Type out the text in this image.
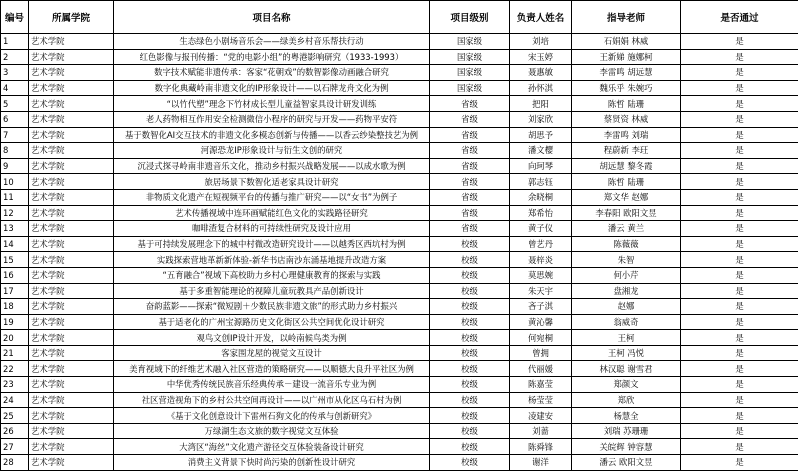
编号	所属学院	项目名称	项目级别	负责人姓名	指导老师	是否通过
1	艺术学院	生态绿色小剧场音乐会——绿美乡村音乐帮扶行动	国家级	刘培	石娟娟 林威	是
2	艺术学院	红色影像与报刊传播：“党的电影小组”的粤港影响研究（1933-1993）	国家级	宋玉婷	王新娣 施娜柯	是
3	艺术学院	数字技术赋能非遗传承：客家“花朝戏”的数智影像动画融合研究	国家级	聂惠敏	李雷鸣 胡远慧	是
4	艺术学院	数字化典藏岭南非遗文化的IP形象设计——以石牌龙舟文化为例	国家级	孙怀淇	魏乐乎 朱婉巧	是
5	艺术学院	“以竹代塑”理念下竹材成长型儿童益智家具设计研发训练	省级	把阳	陈哲 陆珊	是
6	艺术学院	老人药物相互作用安全检测微信小程序的研究与开发——药物平安符	省级	刘家欣	蔡贤资 林威	是
7	艺术学院	基于数智化AI交互技术的非遗文化多模态创新与传播——以香云纱染整技艺为例	省级	胡思予	李雷鸣 刘瑞	是
8	艺术学院	河源恐龙IP形象设计与衍生文创的研究	省级	潘文樱	程蔚新 李玨	是
9	艺术学院	沉浸式探寻岭南非遗音乐文化，推动乡村振兴战略发展——以成水歌为例	省级	向珂琴	胡远慧 黎冬霞	是
10	艺术学院	旅居场景下数智化适老家具设计研究	省级	郭志钰	陈哲 陆珊	是
11	艺术学院	非物质文化遗产在短视频平台的传播与推广研究——以“女书”为例子	省级	余晓桐	郑文华 赵娜	是
12	艺术学院	艺术传播视域中连环画赋能红色文化的实践路径研究	省级	郑希怡	李春阳 欧阳文昱	是
13	艺术学院	咖啡渣复合材料的可持续性研究及设计应用	省级	黄子仪	潘云 黄兰	是
14	艺术学院	基于可持续发展理念下的城中村微改造研究设计——以越秀区西坑村为例	校级	曾艺丹	陈薇薇	是
15	艺术学院	实践探索营地革新新体验-新华书店南沙东涌基地提升改造方案	校级	聂梓炎	朱智	是
16	艺术学院	“五育融合”视域下高校助力乡村心理健康教育的探索与实践	校级	莫思婉	何小芹	是
17	艺术学院	基于多重智能理论的视障儿童玩教具产品创新设计	校级	朱天宇	盘湘龙	是
18	艺术学院	奋韵蓝影——探索“微短剧＋少数民族非遗文旅”的形式助力乡村振兴	校级	吝子淇	赵娜	是
19	艺术学院	基于适老化的广州宝源路历史文化街区公共空间优化设计研究	校级	黄沁馨	翁威奇	是
20	艺术学院	观鸟文创IP设计开发，以岭南候鸟类为例	校级	何宛桐	王柯	是
21	艺术学院	客家围龙屋的视觉文互设计	校级	曾拥	王柯 冯悦	是
22	艺术学院	美育视域下的纤维艺术融入社区营造的策略研究——以顺德大良升平社区为例	校级	代丽媛	林汉聪 谢雪君	是
23	艺术学院	中华优秀传统民族音乐经典传承－建设一流音乐专业为例	校级	陈嘉莹	郑颜文	是
24	艺术学院	社区营造视角下的乡村公共空间再设计——以广州市从化区乌石村为例	校级	杨莹莹	郑欣	是
25	艺术学院	《基于文化创意设计下雷州石狗文化的传承与创新研究》	校级	凌建安	杨慧全	是
26	艺术学院	万绿湖生态文旅的数字视觉文互体验	校级	刘蔷	刘瑞 苏珊珊	是
27	艺术学院	大湾区“海丝”文化遗产游径交互体验装备设计研究	校级	陈舜锋	关皖辉 钟容慧	是
28	艺术学院	消费主义背景下快时尚污染的创新性设计研究	校级	谢洋	潘云 欧阳文昱	是
